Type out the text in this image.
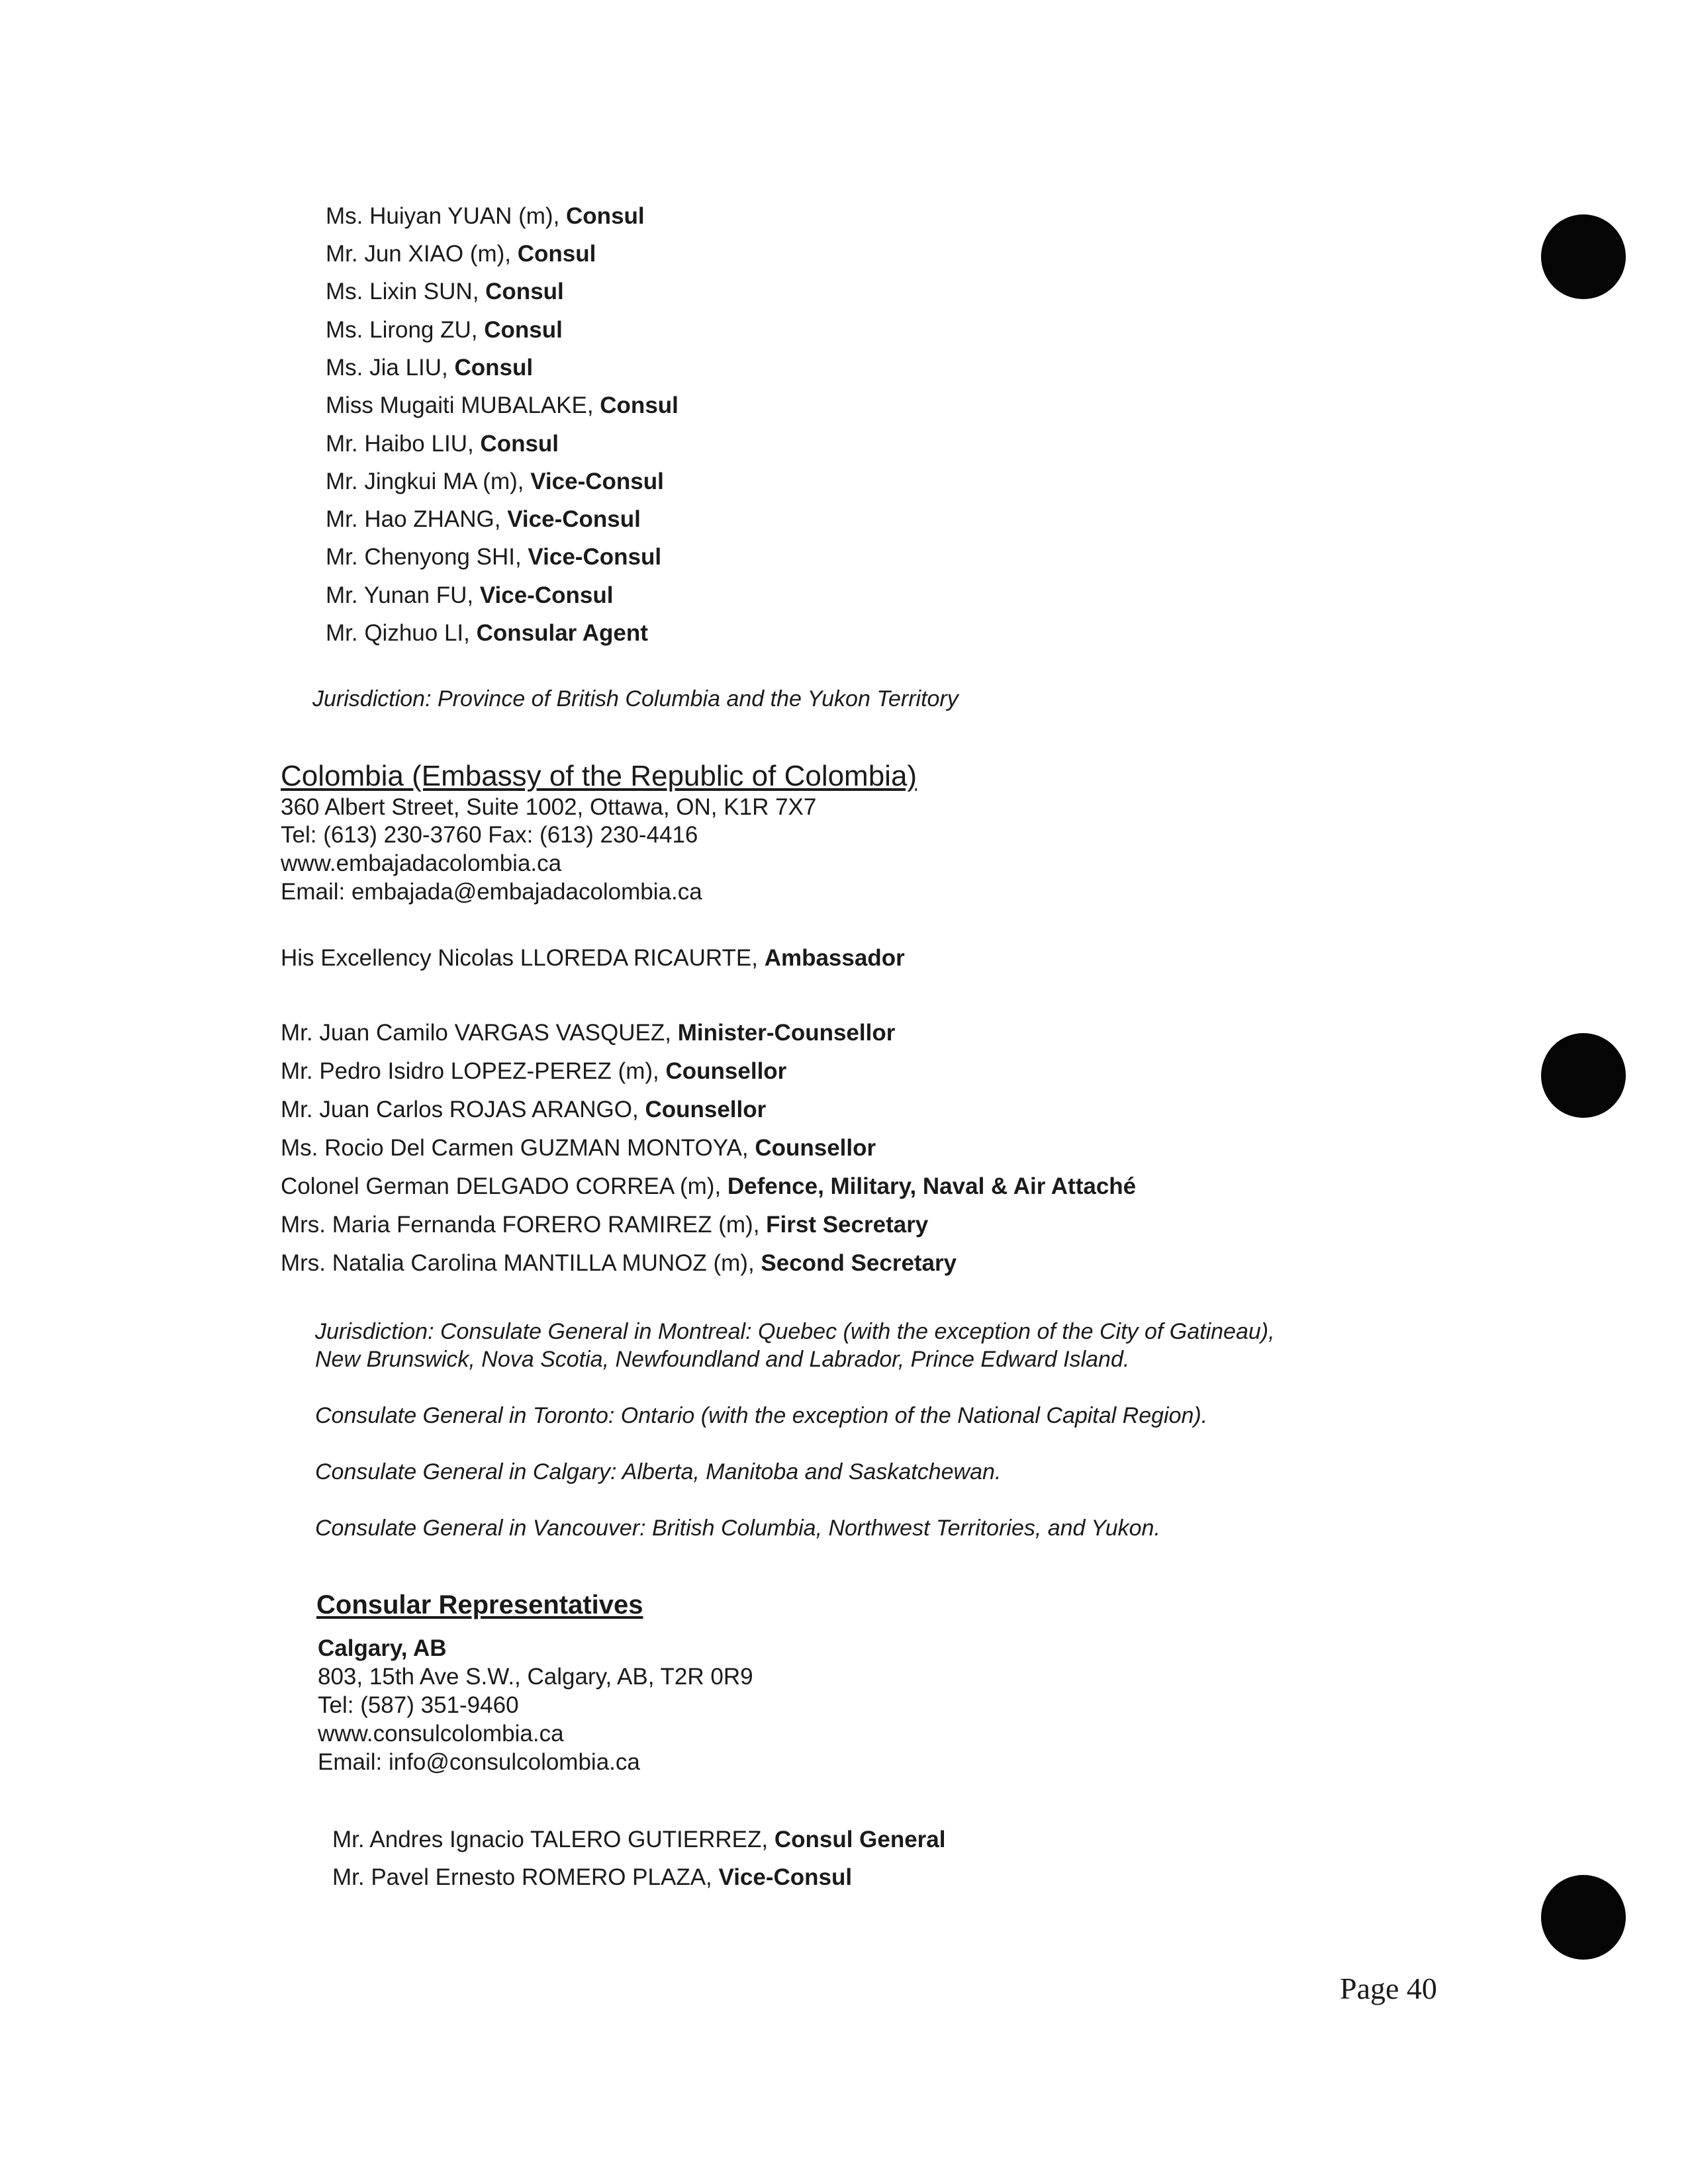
Ms. Huiyan YUAN (m), Consul
Mr. Jun XIAO (m), Consul
Ms. Lixin SUN, Consul
Ms. Lirong ZU, Consul
Ms. Jia LIU, Consul
Miss Mugaiti MUBALAKE, Consul
Mr. Haibo LIU, Consul
Mr. Jingkui MA (m), Vice-Consul
Mr. Hao ZHANG, Vice-Consul
Mr. Chenyong SHI, Vice-Consul
Mr. Yunan FU, Vice-Consul
Mr. Qizhuo LI, Consular Agent
Jurisdiction: Province of British Columbia and the Yukon Territory
Colombia (Embassy of the Republic of Colombia)
360 Albert Street, Suite 1002, Ottawa, ON, K1R 7X7
Tel: (613) 230-3760 Fax: (613) 230-4416
www.embajadacolombia.ca
Email: embajada@embajadacolombia.ca
His Excellency Nicolas LLOREDA RICAURTE, Ambassador
Mr. Juan Camilo VARGAS VASQUEZ, Minister-Counsellor
Mr. Pedro Isidro LOPEZ-PEREZ (m), Counsellor
Mr. Juan Carlos ROJAS ARANGO, Counsellor
Ms. Rocio Del Carmen GUZMAN MONTOYA, Counsellor
Colonel German DELGADO CORREA (m), Defence, Military, Naval & Air Attaché
Mrs. Maria Fernanda FORERO RAMIREZ (m), First Secretary
Mrs. Natalia Carolina MANTILLA MUNOZ (m), Second Secretary
Jurisdiction: Consulate General in Montreal: Quebec (with the exception of the City of Gatineau),
New Brunswick, Nova Scotia, Newfoundland and Labrador, Prince Edward Island.
Consulate General in Toronto: Ontario (with the exception of the National Capital Region).
Consulate General in Calgary: Alberta, Manitoba and Saskatchewan.
Consulate General in Vancouver: British Columbia, Northwest Territories, and Yukon.
Consular Representatives
Calgary, AB
803, 15th Ave S.W., Calgary, AB, T2R 0R9
Tel: (587) 351-9460
www.consulcolombia.ca
Email: info@consulcolombia.ca
Mr. Andres Ignacio TALERO GUTIERREZ, Consul General
Mr. Pavel Ernesto ROMERO PLAZA, Vice-Consul
Page 40
